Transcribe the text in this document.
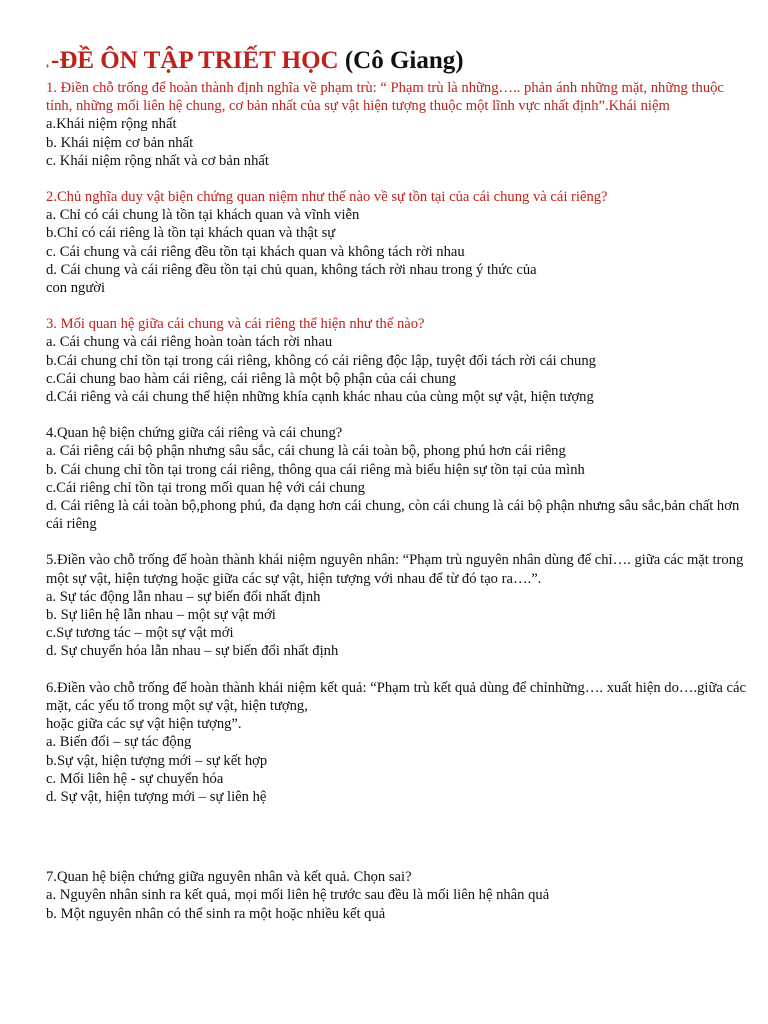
,-ĐỀ ÔN TẬP TRIẾT HỌC (Cô Giang)

1. Điền chỗ trống để hoàn thành định nghĩa về phạm trù: “ Phạm trù là những….. phản ánh những mặt, những thuộc tính, những mối liên hệ chung, cơ bản nhất của sự vật hiện tượng thuộc một lĩnh vực nhất định”.Khái niệm

a.Khái niệm rộng nhất

b. Khái niệm cơ bản nhất

c. Khái niệm rộng nhất và cơ bản nhất

2.Chủ nghĩa duy vật biện chứng quan niệm như thế nào về sự tồn tại của cái chung và cái riêng?

a. Chỉ có cái chung là tồn tại khách quan và vĩnh viễn

b.Chỉ có cái riêng là tồn tại khách quan và thật sự

c. Cái chung và cái riêng đều tồn tại khách quan và không tách rời nhau

d. Cái chung và cái riêng đều tồn tại chủ quan, không tách rời nhau trong ý thức của

con người

3. Mối quan hệ giữa cái chung và cái riêng thể hiện như thế nào?

a. Cái chung và cái riêng hoàn toàn tách rời nhau

b.Cái chung chỉ tồn tại trong cái riêng, không có cái riêng độc lập, tuyệt đối tách rời cái chung

c.Cái chung bao hàm cái riêng, cái riêng là một bộ phận của cái chung

d.Cái riêng và cái chung thể hiện những khía cạnh khác nhau của cùng một sự vật, hiện tượng

4.Quan hệ biện chứng giữa cái riêng và cái chung?

a. Cái riêng cái bộ phận nhưng sâu sắc, cái chung là cái toàn bộ, phong phú hơn cái riêng

b. Cái chung chỉ tồn tại trong cái riêng, thông qua cái riêng mà biểu hiện sự tồn tại của mình

c.Cái riêng chỉ tồn tại trong mối quan hệ với cái chung

d. Cái riêng là cái toàn bộ,phong phú, đa dạng hơn cái chung, còn cái chung là cái bộ phận nhưng sâu sắc,bản chất hơn cái riêng

5.Điền vào chỗ trống để hoàn thành khái niệm nguyên nhân: “Phạm trù nguyên nhân dùng để chỉ…. giữa các mặt trong một sự vật, hiện tượng hoặc giữa các sự vật, hiện tượng với nhau để từ đó tạo ra….”.

a. Sự tác động lẫn nhau – sự biến đổi nhất định

b. Sự liên hệ lẫn nhau – một sự vật mới

c.Sự tương tác – một sự vật mới

d. Sự chuyển hóa lẫn nhau – sự biến đổi nhất định

6.Điền vào chỗ trống để hoàn thành khái niệm kết quả: “Phạm trù kết quả dùng để chỉnhững…. xuất hiện do….giữa các mặt, các yếu tố trong một sự vật, hiện tượng,

hoặc giữa các sự vật hiện tượng”.

a. Biến đổi – sự tác động

b.Sự vật, hiện tượng mới – sự kết hợp

c. Mối liên hệ - sự chuyển hóa

d. Sự vật, hiện tượng mới – sự liên hệ

7.Quan hệ biện chứng giữa nguyên nhân và kết quả. Chọn sai?

a. Nguyên nhân sinh ra kết quả, mọi mối liên hệ trước sau đều là mối liên hệ nhân quả

b. Một nguyên nhân có thể sinh ra một hoặc nhiều kết quả
